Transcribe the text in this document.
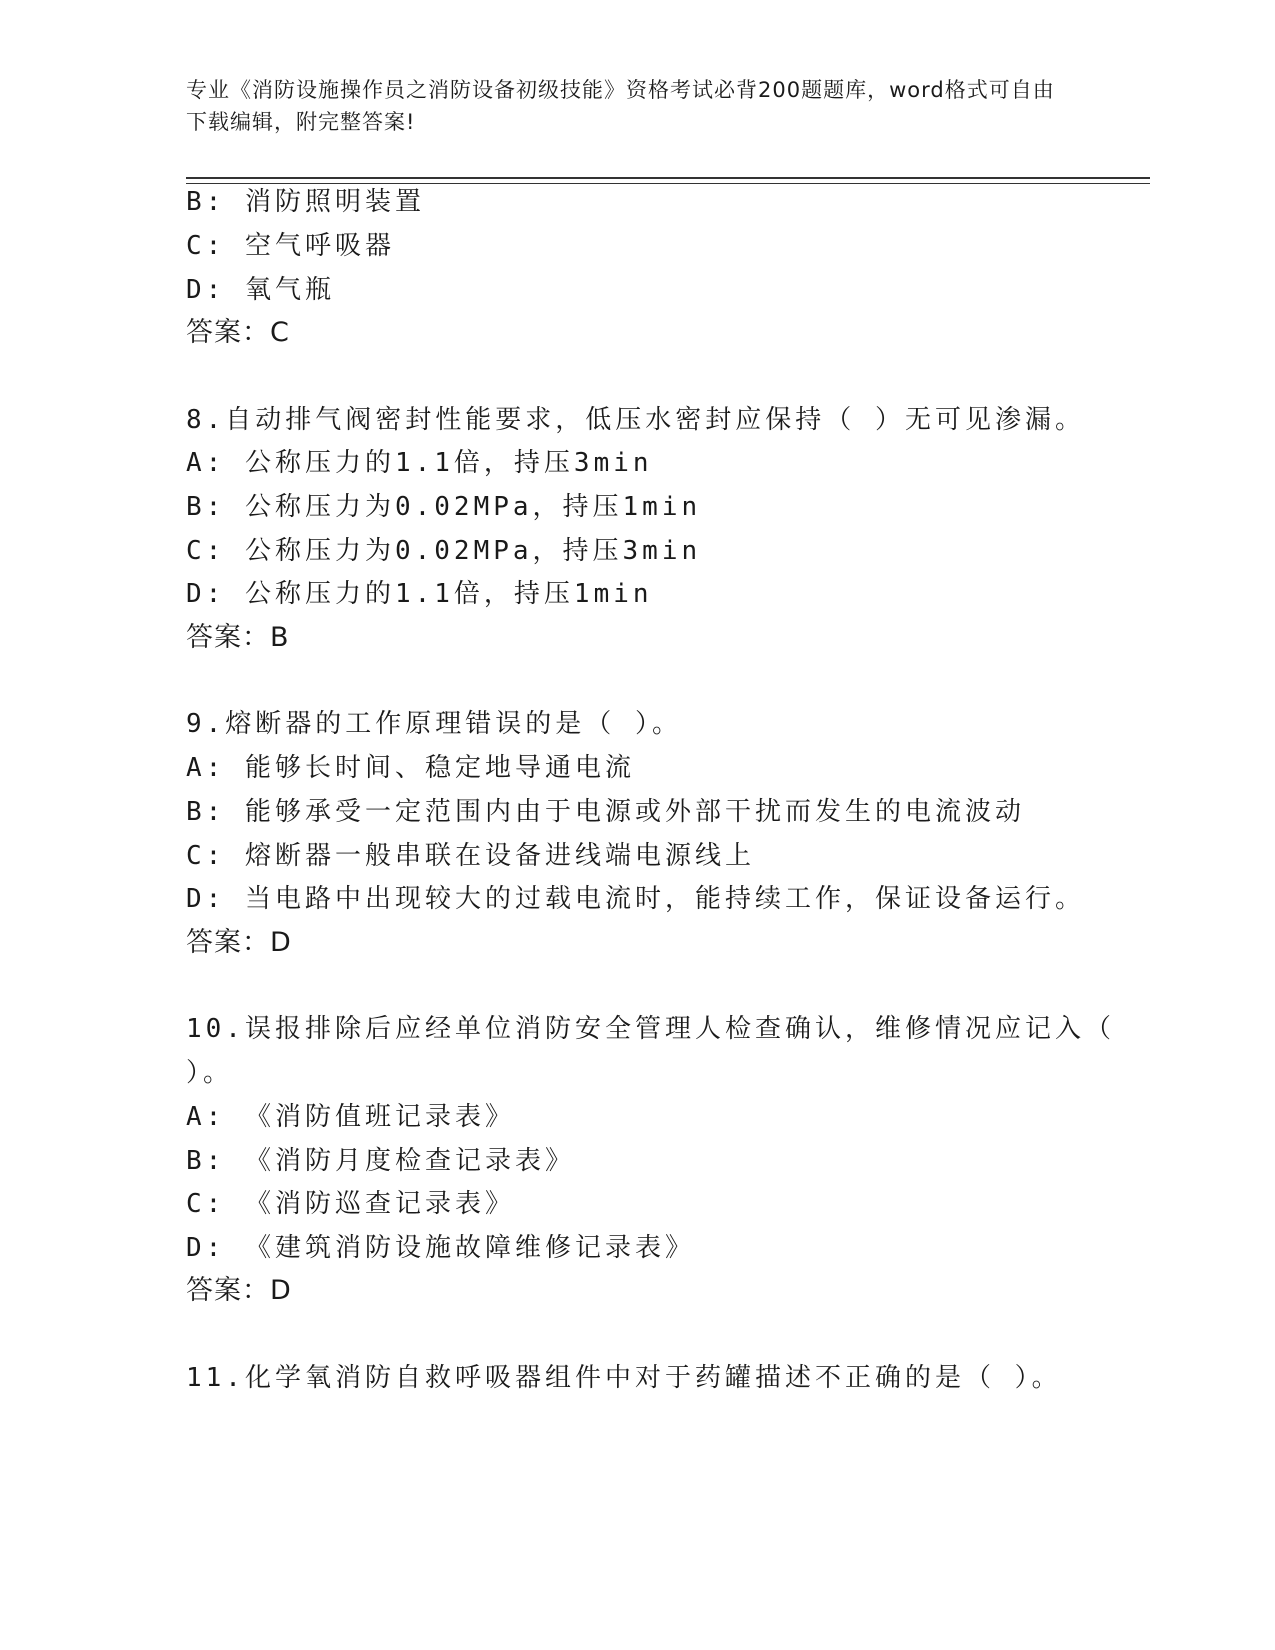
专业《消防设施操作员之消防设备初级技能》资格考试必背200题题库，word格式可自由下载编辑，附完整答案!
B: 消防照明装置
C: 空气呼吸器
D: 氧气瓶
答案：C
8.自动排气阀密封性能要求，低压水密封应保持（ ）无可见渗漏。
A: 公称压力的1.1倍，持压3min
B: 公称压力为0.02MPa，持压1min
C: 公称压力为0.02MPa，持压3min
D: 公称压力的1.1倍，持压1min
答案：B
9.熔断器的工作原理错误的是（ ）。
A: 能够长时间、稳定地导通电流
B: 能够承受一定范围内由于电源或外部干扰而发生的电流波动
C: 熔断器一般串联在设备进线端电源线上
D: 当电路中出现较大的过载电流时，能持续工作，保证设备运行。
答案：D
10.误报排除后应经单位消防安全管理人检查确认，维修情况应记入（
）。
A: 《消防值班记录表》
B: 《消防月度检查记录表》
C: 《消防巡查记录表》
D: 《建筑消防设施故障维修记录表》
答案：D
11.化学氧消防自救呼吸器组件中对于药罐描述不正确的是（ ）。
